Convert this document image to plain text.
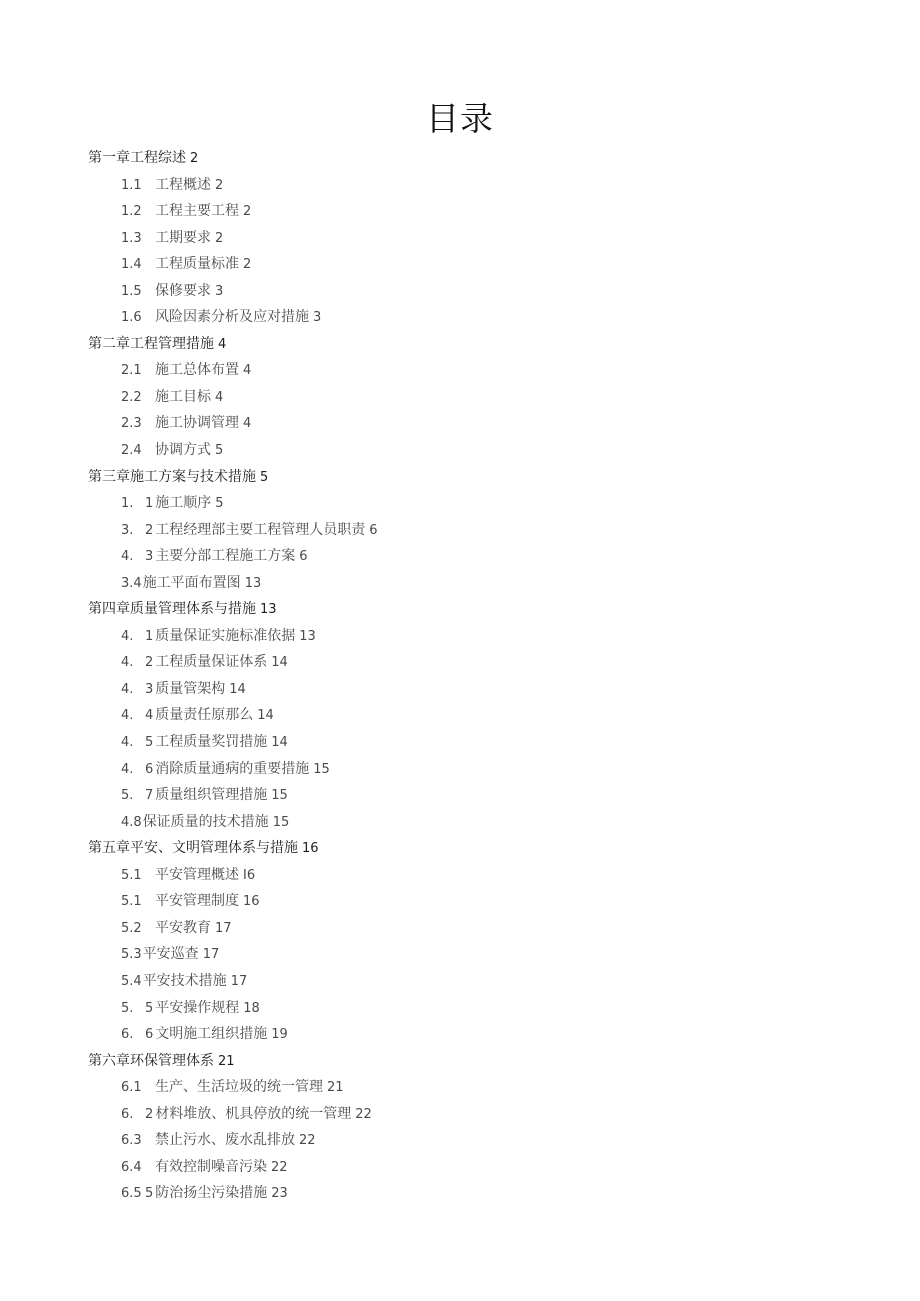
目录
第一章工程综述 2
1.1 工程概述 2
1.2 工程主要工程 2
1.3 工期要求 2
1.4 工程质量标准 2
1.5 保修要求 3
1.6 风险因素分析及应对措施 3
第二章工程管理措施 4
2.1 施工总体布置 4
2.2 施工目标 4
2.3 施工协调管理 4
2.4 协调方式 5
第三章施工方案与技术措施 5
1. 1 施工顺序 5
3. 2 工程经理部主要工程管理人员职责 6
4. 3 主要分部工程施工方案 6
3.4施工平面布置图 13
第四章质量管理体系与措施 13
4. 1 质量保证实施标准依据 13
4. 2 工程质量保证体系 14
4. 3 质量管架构 14
4. 4 质量责任原那么 14
4. 5 工程质量奖罚措施 14
4. 6 消除质量通病的重要措施 15
5. 7 质量组织管理措施 15
4.8保证质量的技术措施 15
第五章平安、文明管理体系与措施 16
5.1 平安管理概述 I6
5.1 平安管理制度 16
5.2 平安教育 17
5.3平安巡查 17
5.4平安技术措施 17
5. 5 平安操作规程 18
6. 6 文明施工组织措施 19
第六章环保管理体系 21
6.1 生产、生活垃圾的统一管理 21
6. 2 材料堆放、机具停放的统一管理 22
6.3 禁止污水、废水乱排放 22
6.4 有效控制噪音污染 22
6.5 5 防治扬尘污染措施 23
